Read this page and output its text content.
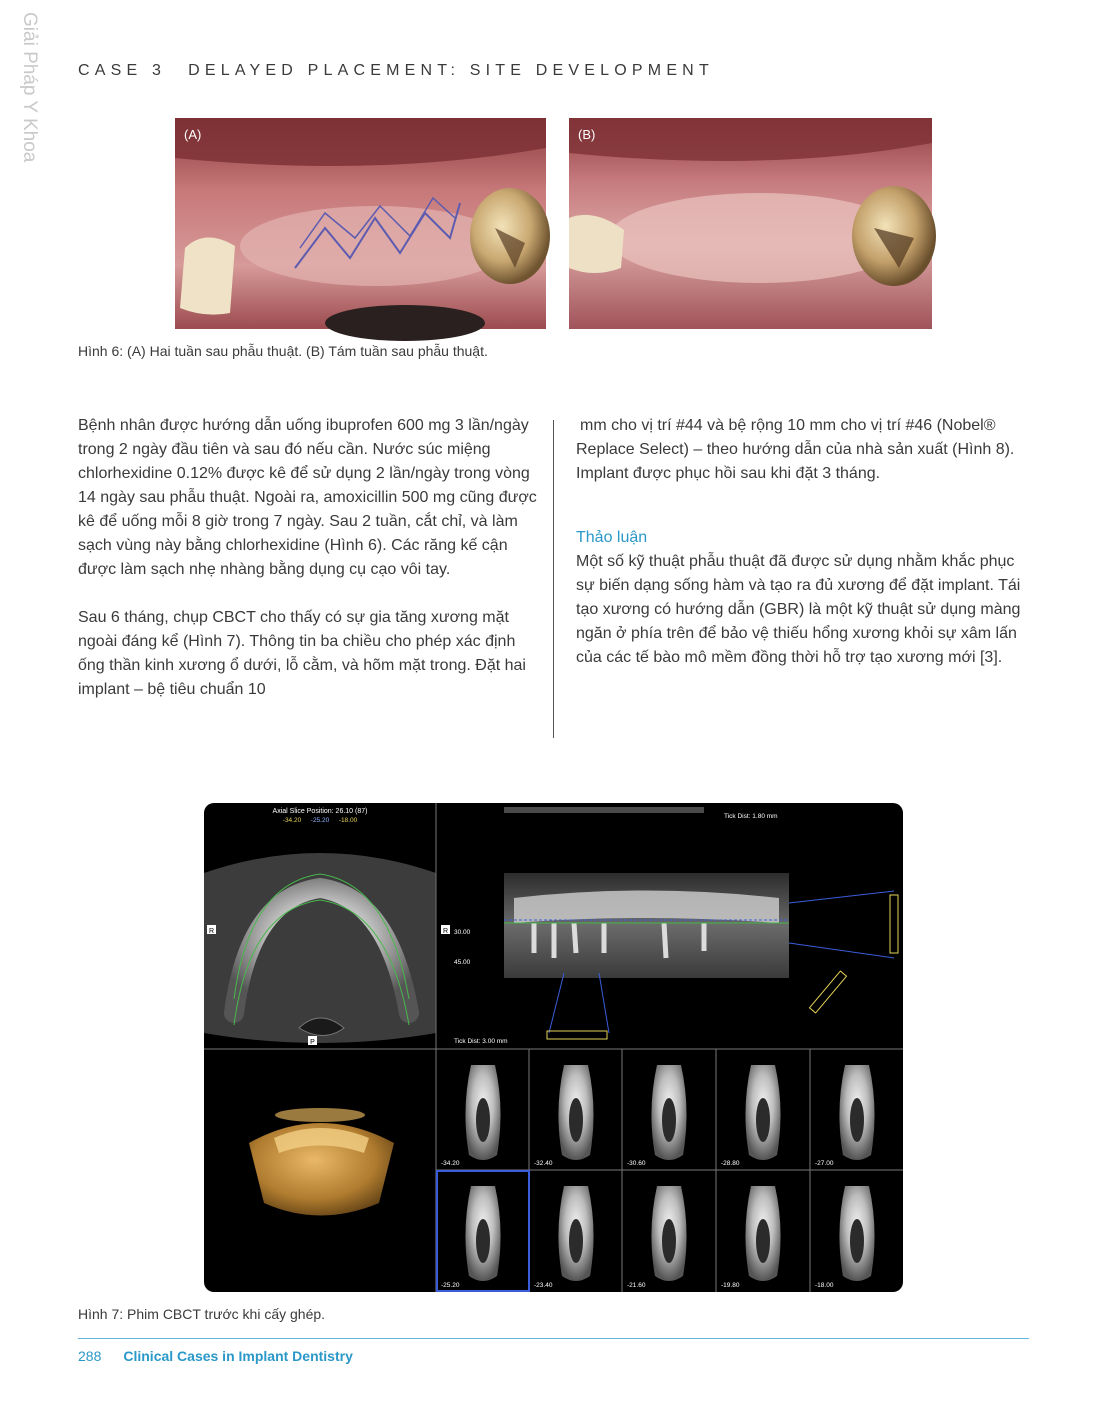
Giải Pháp Y Khoa CASE 3 DELAYED PLACEMENT: SITE DEVELOPMENT
(A)	(B)
Hình 6: (A) Hai tuần sau phẫu thuật. (B) Tám tuần sau phẫu thuật.

Bệnh nhân được hướng dẫn uống ibuprofen 600 mg 3 lần/ngày trong 2 ngày đầu tiên và sau đó nếu cần. Nước súc miệng chlorhexidine 0.12% được kê để sử dụng 2 lần/ngày trong vòng 14 ngày sau phẫu thuật. Ngoài ra, amoxicillin 500 mg cũng được kê để uống mỗi 8 giờ trong 7 ngày. Sau 2 tuần, cắt chỉ, và làm sạch vùng này bằng chlorhexidine (Hình 6). Các răng kế cận được làm sạch nhẹ nhàng bằng dụng cụ cạo vôi tay.

Sau 6 tháng, chụp CBCT cho thấy có sự gia tăng xương mặt ngoài đáng kể (Hình 7). Thông tin ba chiều cho phép xác định ống thần kinh xương ổ dưới, lỗ cằm, và hõm mặt trong. Đặt hai implant – bệ tiêu chuẩn 10

mm cho vị trí #44 và bệ rộng 10 mm cho vị trí #46 (Nobel® Replace Select) – theo hướng dẫn của nhà sản xuất (Hình 8). Implant được phục hồi sau khi đặt 3 tháng.

Thảo luận

Một số kỹ thuật phẫu thuật đã được sử dụng nhằm khắc phục sự biến dạng sống hàm và tạo ra đủ xương để đặt implant. Tái tạo xương có hướng dẫn (GBR) là một kỹ thuật sử dụng màng ngăn ở phía trên để bảo vệ thiếu hổng xương khỏi sự xâm lấn của các tế bào mô mềm đồng thời hỗ trợ tạo xương mới [3].

Axial Slice Position: 26.10 (87)
-34.20 -25.20 -18.00
R
P
Tick Dist: 1.80 mm
R 30.00
45.00
Tick Dist: 3.00 mm
-34.20	-32.40	-30.60	-28.80	-27.00
-25.20	-23.40	-21.60	-19.80	-18.00
Hình 7: Phim CBCT trước khi cấy ghép.
288 Clinical Cases in Implant Dentistry
